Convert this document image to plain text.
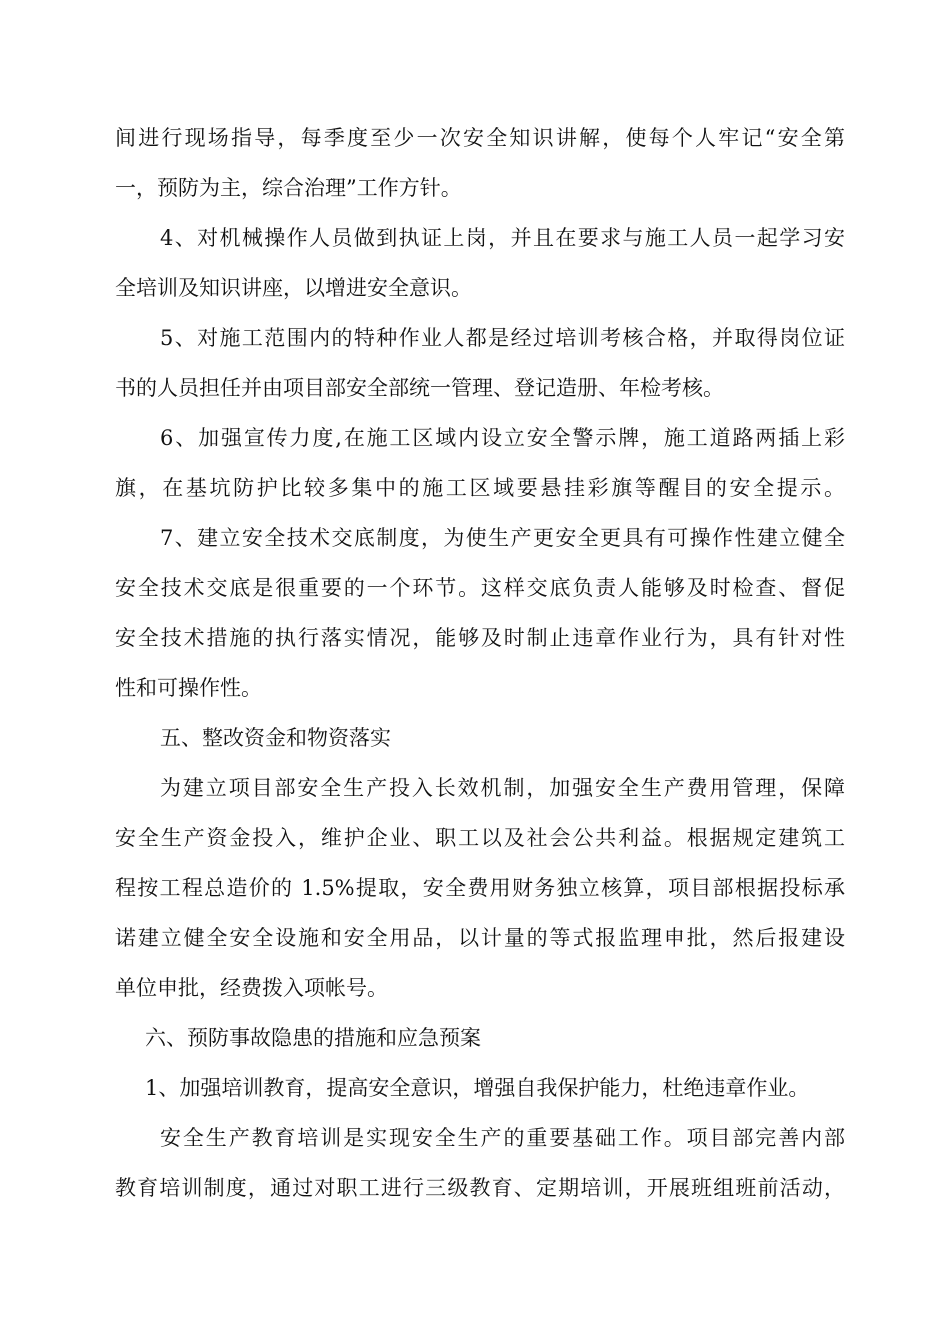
间进行现场指导，每季度至少一次安全知识讲解，使每个人牢记“安全第
一，预防为主，综合治理”工作方针。
4、对机械操作人员做到执证上岗，并且在要求与施工人员一起学习安
全培训及知识讲座，以增进安全意识。
5、对施工范围内的特种作业人都是经过培训考核合格，并取得岗位证
书的人员担任并由项目部安全部统一管理、登记造册、年检考核。
6、加强宣传力度,在施工区域内设立安全警示牌，施工道路两插上彩
旗，在基坑防护比较多集中的施工区域要悬挂彩旗等醒目的安全提示。
7、建立安全技术交底制度，为使生产更安全更具有可操作性建立健全
安全技术交底是很重要的一个环节。这样交底负责人能够及时检查、督促
安全技术措施的执行落实情况，能够及时制止违章作业行为，具有针对性
性和可操作性。
五、整改资金和物资落实
为建立项目部安全生产投入长效机制，加强安全生产费用管理，保障
安全生产资金投入，维护企业、职工以及社会公共利益。根据规定建筑工
程按工程总造价的 1.5%提取，安全费用财务独立核算，项目部根据投标承
诺建立健全安全设施和安全用品，以计量的等式报监理申批，然后报建设
单位申批，经费拨入项帐号。
六、预防事故隐患的措施和应急预案
1、加强培训教育，提高安全意识，增强自我保护能力，杜绝违章作业。
安全生产教育培训是实现安全生产的重要基础工作。项目部完善内部
教育培训制度，通过对职工进行三级教育、定期培训，开展班组班前活动，
